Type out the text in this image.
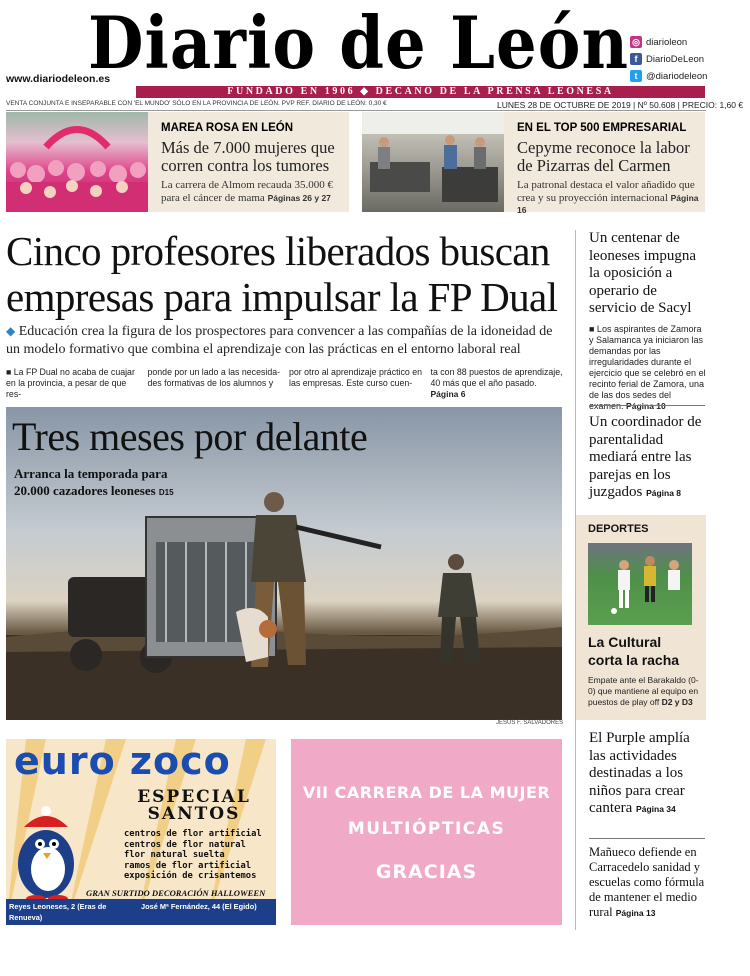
Diario de León ◎ diarioleon
f DiarioDeLeon
t @diariodeleon
www.diariodeleon.es
FUNDADO EN 1906 ◆ DECANO DE LA PRENSA LEONESA
VENTA CONJUNTA E INSEPARABLE CON 'EL MUNDO' SÓLO EN LA PROVINCIA DE LEÓN. PVP REF. DIARIO DE LEÓN: 0,30 €	LUNES 28 DE OCTUBRE DE 2019 | Nº 50.608 | PRECIO: 1,60 €
MAREA ROSA EN LEÓN
Más de 7.000 mujeres que corren contra los tumores
La carrera de Almom recauda 35.000 € para el cáncer de mama Páginas 26 y 27
EN EL TOP 500 EMPRESARIAL
Cepyme reconoce la labor de Pizarras del Carmen
La patronal destaca el valor añadido que crea y su proyección internacional Página 16
Cinco profesores liberados buscan empresas para impulsar la FP Dual
◆ Educación crea la figura de los prospectores para convencer a las compañías de la idoneidad de un modelo formativo que combina el aprendizaje con las prácticas en el entorno laboral real
■ La FP Dual no acaba de cuajar en la provincia, a pesar de que res-
ponde por un lado a las necesida-des formativas de los alumnos y
por otro al aprendizaje práctico en las empresas. Este curso cuen-
ta con 88 puestos de aprendizaje, 40 más que el año pasado. Página 6
Tres meses por delante
Arranca la temporada para
20.000 cazadores leoneses D15
JESÚS F. SALVADORES
Un centenar de leoneses impugna la oposición a operario de servicio de Sacyl
■ Los aspirantes de Zamora y Salamanca ya iniciaron las demandas por las irregularidades durante el ejercicio que se celebró en el recinto ferial de Zamora, una de las dos sedes del
Un coordinador de parentalidad mediará entre las parejas en los juzgados Página 8
DEPORTES
La Cultural corta la racha
Empate ante el Barakaldo (0-0) que mantiene al equipo en puestos de play off D2 y D3
El Purple amplía las actividades destinadas a los niños para crear cantera Página 34
Mañueco defiende en Carracedelo sanidad y escuelas como fórmula de mantener el medio rural Página 13
euro zoco
ESPECIAL
SANTOS
centros de flor artificial
centros de flor natural
flor natural suelta
ramos de flor artificial
exposición de crisantemos
GRAN SURTIDO DECORACIÓN HALLOWEEN
Reyes Leoneses, 2 (Eras de Renueva)
José Mª Fernández, 44 (El Egido)
Río Valdellorma, 1 (Pinilla)	Jaime Balmes, 5 (Palomera)
VII CARRERA DE LA MUJER
MULTIÓPTICAS
GRACIAS
